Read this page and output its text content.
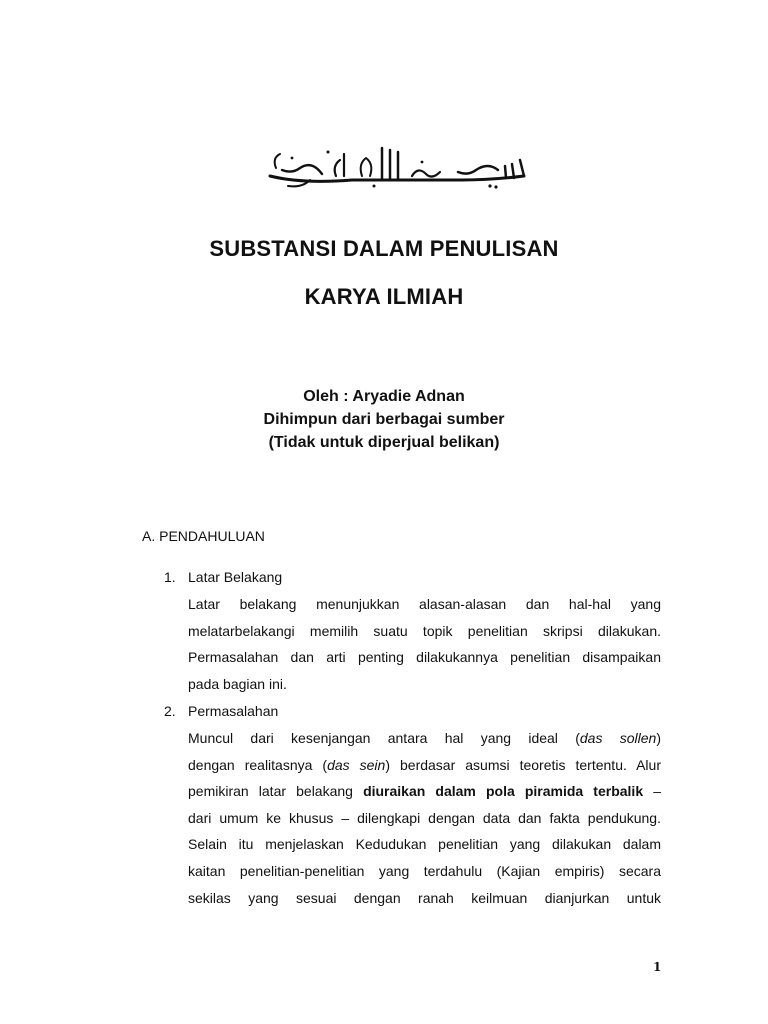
SUBSTANSI DALAM PENULISAN
KARYA ILMIAH
Oleh : Aryadie Adnan
Dihimpun dari berbagai sumber
(Tidak untuk diperjual belikan)
A. PENDAHULUAN
1. Latar Belakang
Latar belakang menunjukkan alasan-alasan dan hal-hal yang
melatarbelakangi memilih suatu topik penelitian skripsi dilakukan.
Permasalahan dan arti penting dilakukannya penelitian disampaikan
pada bagian ini.
2. Permasalahan
Muncul dari kesenjangan antara hal yang ideal (das sollen)
dengan realitasnya (das sein) berdasar asumsi teoretis tertentu. Alur
pemikiran latar belakang diuraikan dalam pola piramida terbalik –
dari umum ke khusus – dilengkapi dengan data dan fakta pendukung.
Selain itu menjelaskan Kedudukan penelitian yang dilakukan dalam
kaitan penelitian-penelitian yang terdahulu (Kajian empiris) secara
sekilas yang sesuai dengan ranah keilmuan dianjurkan untuk
1
